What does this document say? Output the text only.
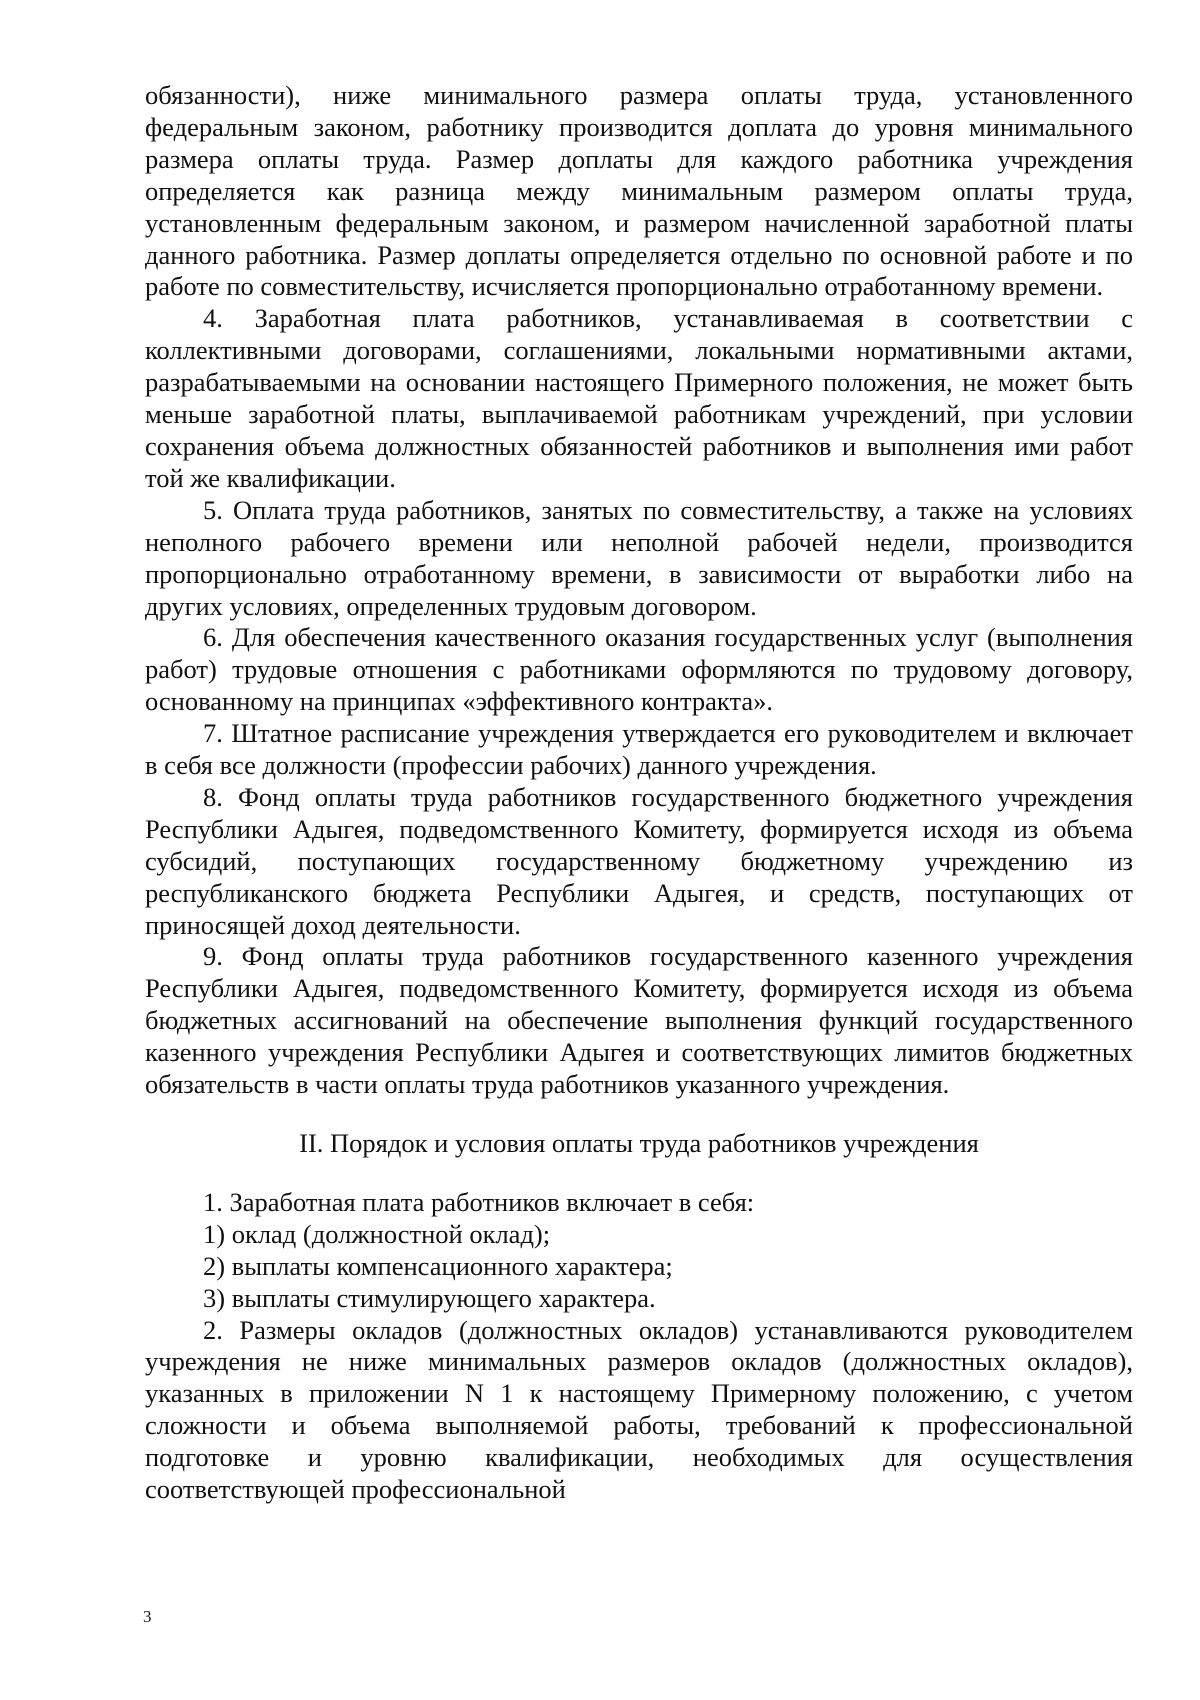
обязанности), ниже минимального размера оплаты труда, установленного федеральным законом, работнику производится доплата до уровня минимального размера оплаты труда. Размер доплаты для каждого работника учреждения определяется как разница между минимальным размером оплаты труда, установленным федеральным законом, и размером начисленной заработной платы данного работника. Размер доплаты определяется отдельно по основной работе и по работе по совместительству, исчисляется пропорционально отработанному времени.

4. Заработная плата работников, устанавливаемая в соответствии с коллективными договорами, соглашениями, локальными нормативными актами, разрабатываемыми на основании настоящего Примерного положения, не может быть меньше заработной платы, выплачиваемой работникам учреждений, при условии сохранения объема должностных обязанностей работников и выполнения ими работ той же квалификации.

5. Оплата труда работников, занятых по совместительству, а также на условиях неполного рабочего времени или неполной рабочей недели, производится пропорционально отработанному времени, в зависимости от выработки либо на других условиях, определенных трудовым договором.

6. Для обеспечения качественного оказания государственных услуг (выполнения работ) трудовые отношения с работниками оформляются по трудовому договору, основанному на принципах «эффективного контракта».

7. Штатное расписание учреждения утверждается его руководителем и включает в себя все должности (профессии рабочих) данного учреждения.

8. Фонд оплаты труда работников государственного бюджетного учреждения Республики Адыгея, подведомственного Комитету, формируется исходя из объема субсидий, поступающих государственному бюджетному учреждению из республиканского бюджета Республики Адыгея, и средств, поступающих от приносящей доход деятельности.

9. Фонд оплаты труда работников государственного казенного учреждения Республики Адыгея, подведомственного Комитету, формируется исходя из объема бюджетных ассигнований на обеспечение выполнения функций государственного казенного учреждения Республики Адыгея и соответствующих лимитов бюджетных обязательств в части оплаты труда работников указанного учреждения.

II. Порядок и условия оплаты труда работников учреждения

1. Заработная плата работников включает в себя:

1) оклад (должностной оклад);

2) выплаты компенсационного характера;

3) выплаты стимулирующего характера.

2. Размеры окладов (должностных окладов) устанавливаются руководителем учреждения не ниже минимальных размеров окладов (должностных окладов), указанных в приложении N 1 к настоящему Примерному положению, с учетом сложности и объема выполняемой работы, требований к профессиональной подготовке и уровню квалификации, необходимых для осуществления соответствующей профессиональной

3
